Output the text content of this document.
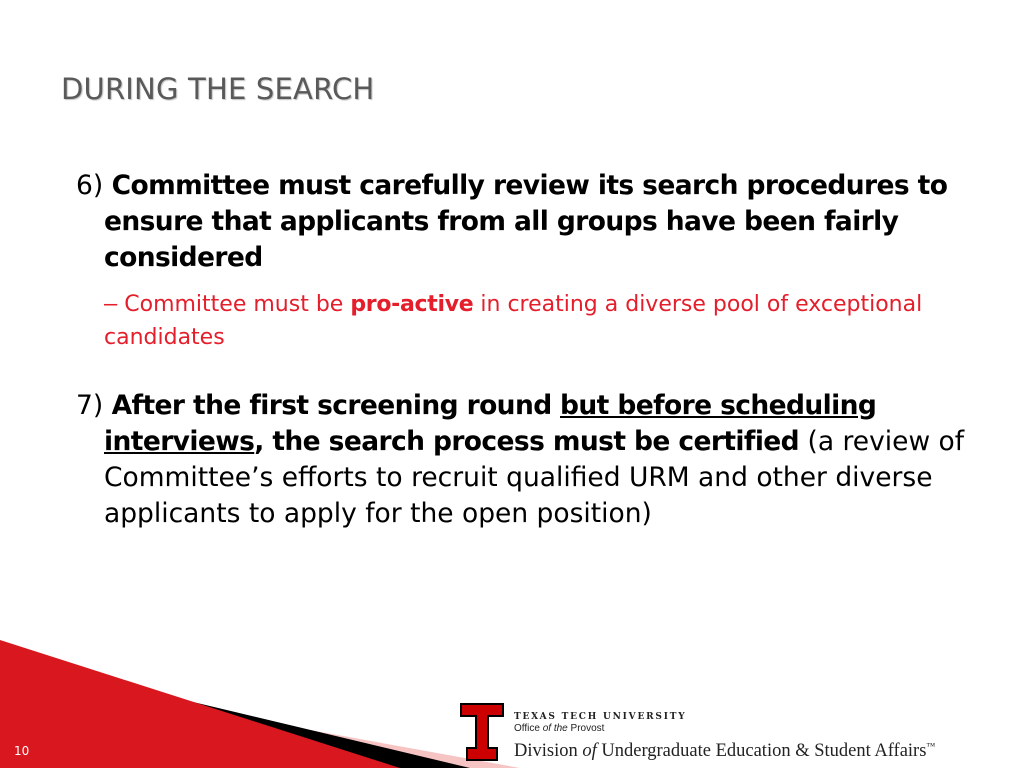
DURING THE SEARCH
6) Committee must carefully review its search procedures to ensure that applicants from all groups have been fairly considered
– Committee must be pro-active in creating a diverse pool of exceptional candidates
7) After the first screening round but before scheduling interviews, the search process must be certified (a review of Committee’s efforts to recruit qualified URM and other diverse applicants to apply for the open position)
10
TEXAS TECH UNIVERSITY
Office of the Provost
Division of Undergraduate Education & Student Affairs™
